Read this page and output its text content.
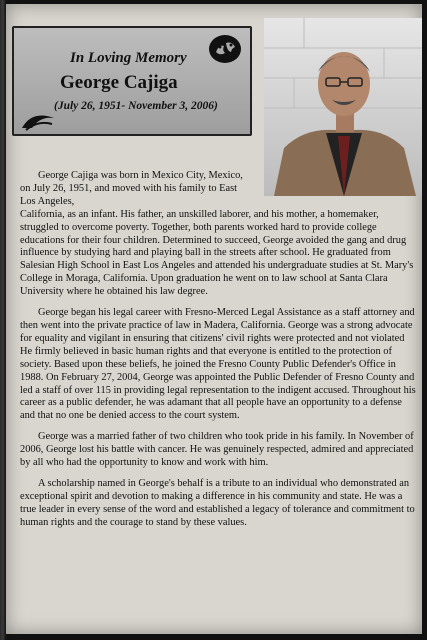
In Loving Memory
George Cajiga
(July 26, 1951- November 3, 2006)

George Cajiga was born in Mexico City, Mexico, on July 26, 1951, and moved with his family to East Los Angeles,

California, as an infant. His father, an unskilled laborer, and his mother, a homemaker, struggled to overcome poverty. Together, both parents worked hard to provide college educations for their four children. Determined to succeed, George avoided the gang and drug influence by studying hard and playing ball in the streets after school. He graduated from Salesian High School in East Los Angeles and attended his undergraduate studies at St. Mary's College in Moraga, California. Upon graduation he went on to law school at Santa Clara University where he obtained his law degree.

George began his legal career with Fresno-Merced Legal Assistance as a staff attorney and then went into the private practice of law in Madera, California. George was a strong advocate for equality and vigilant in ensuring that citizens' civil rights were protected and not violated He firmly believed in basic human rights and that everyone is entitled to the protection of society. Based upon these beliefs, he joined the Fresno County Public Defender's Office in 1988. On February 27, 2004, George was appointed the Public Defender of Fresno County and led a staff of over 115 in providing legal representation to the indigent accused. Throughout his career as a public defender, he was adamant that all people have an opportunity to a defense and that no one be denied access to the court system.

George was a married father of two children who took pride in his family. In November of 2006, George lost his battle with cancer. He was genuinely respected, admired and appreciated by all who had the opportunity to know and work with him.

A scholarship named in George's behalf is a tribute to an individual who demonstrated an exceptional spirit and devotion to making a difference in his community and state. He was a true leader in every sense of the word and established a legacy of tolerance and commitment to human rights and the courage to stand by these values.
